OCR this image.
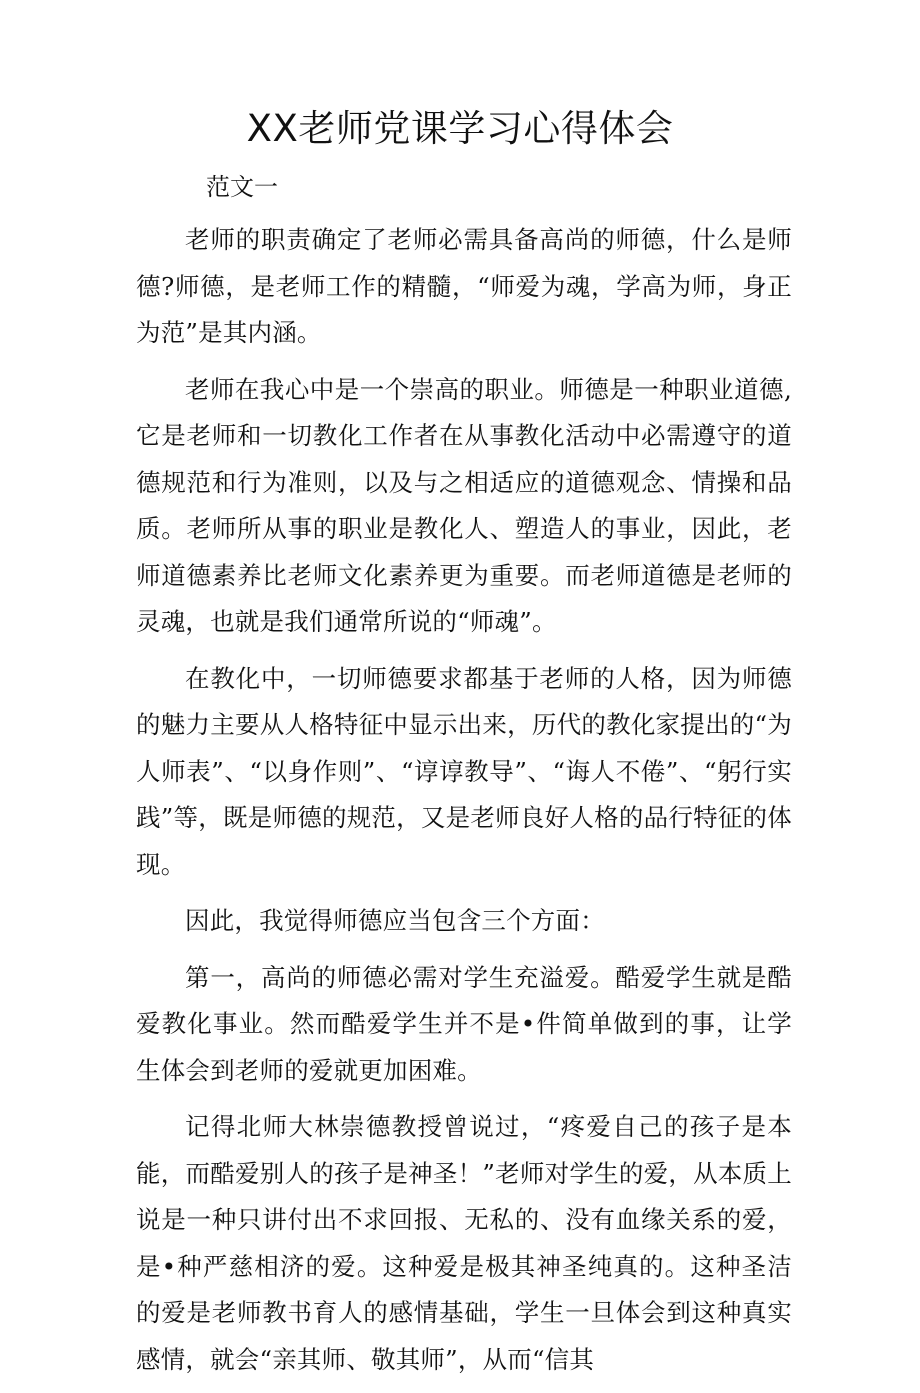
XX老师党课学习心得体会

范文一

老师的职责确定了老师必需具备高尚的师德，什么是师德?师德，是老师工作的精髓，“师爱为魂，学高为师，身正为范”是其内涵。

老师在我心中是一个崇高的职业。师德是一种职业道德,它是老师和一切教化工作者在从事教化活动中必需遵守的道德规范和行为准则，以及与之相适应的道德观念、情操和品质。老师所从事的职业是教化人、塑造人的事业，因此，老师道德素养比老师文化素养更为重要。而老师道德是老师的灵魂，也就是我们通常所说的“师魂”。

在教化中，一切师德要求都基于老师的人格，因为师德的魅力主要从人格特征中显示出来，历代的教化家提出的“为人师表”、“以身作则”、“谆谆教导”、“诲人不倦”、“躬行实践”等，既是师德的规范，又是老师良好人格的品行特征的体现。

因此，我觉得师德应当包含三个方面：

第一，高尚的师德必需对学生充溢爱。酷爱学生就是酷爱教化事业。然而酷爱学生并不是•件简单做到的事，让学生体会到老师的爱就更加困难。

记得北师大林崇德教授曾说过，“疼爱自己的孩子是本能，而酷爱别人的孩子是神圣！”老师对学生的爱，从本质上说是一种只讲付出不求回报、无私的、没有血缘关系的爱，是•种严慈相济的爱。这种爱是极其神圣纯真的。这种圣洁的爱是老师教书育人的感情基础，学生一旦体会到这种真实感情，就会“亲其师、敬其师”，从而“信其
